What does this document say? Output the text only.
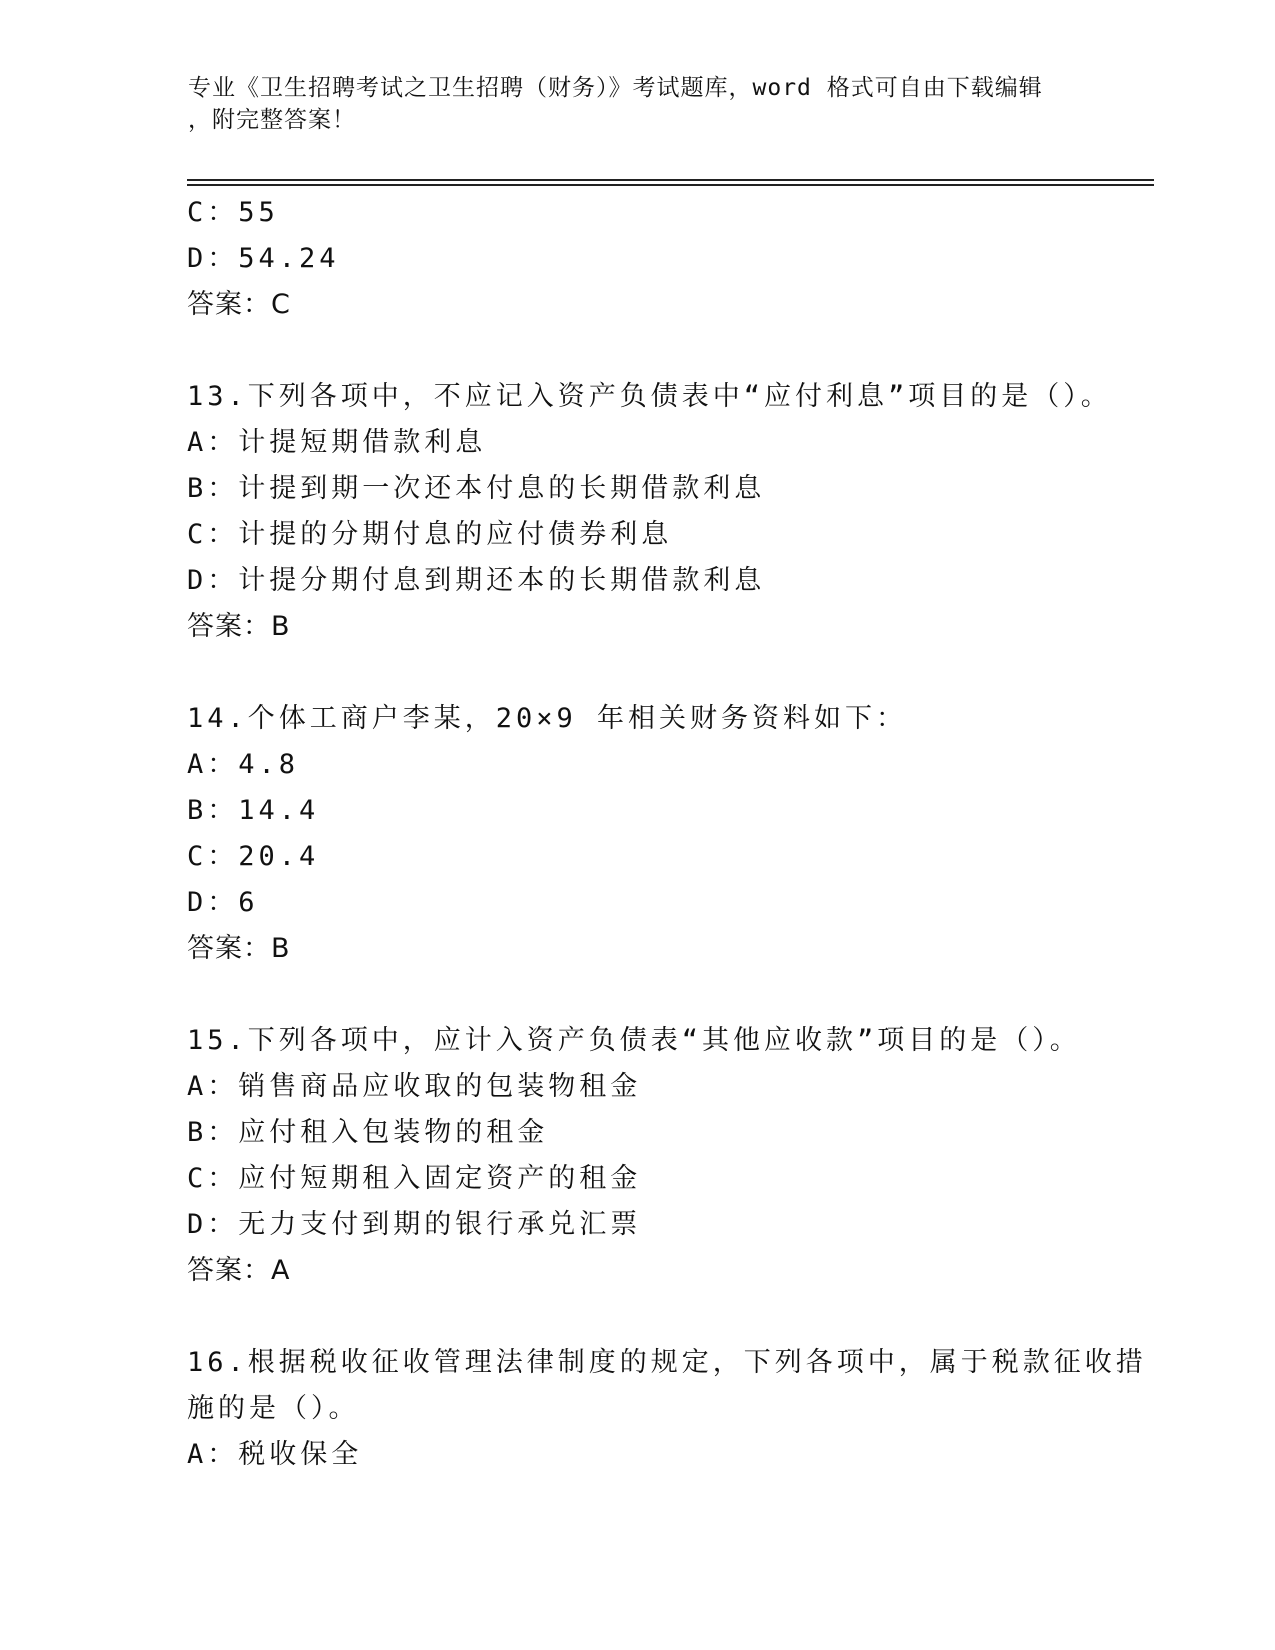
专业《卫生招聘考试之卫生招聘（财务）》考试题库，word 格式可自由下载编辑
，附完整答案！
C：55
D：54.24
答案：C
13.下列各项中，不应记入资产负债表中“应付利息”项目的是（）。
A：计提短期借款利息
B：计提到期一次还本付息的长期借款利息
C：计提的分期付息的应付债券利息
D：计提分期付息到期还本的长期借款利息
答案：B
14.个体工商户李某，20×9 年相关财务资料如下：
A：4.8
B：14.4
C：20.4
D：6
答案：B
15.下列各项中，应计入资产负债表“其他应收款”项目的是（）。
A：销售商品应收取的包装物租金
B：应付租入包装物的租金
C：应付短期租入固定资产的租金
D：无力支付到期的银行承兑汇票
答案：A
16.根据税收征收管理法律制度的规定，下列各项中，属于税款征收措
施的是（）。
A：税收保全
